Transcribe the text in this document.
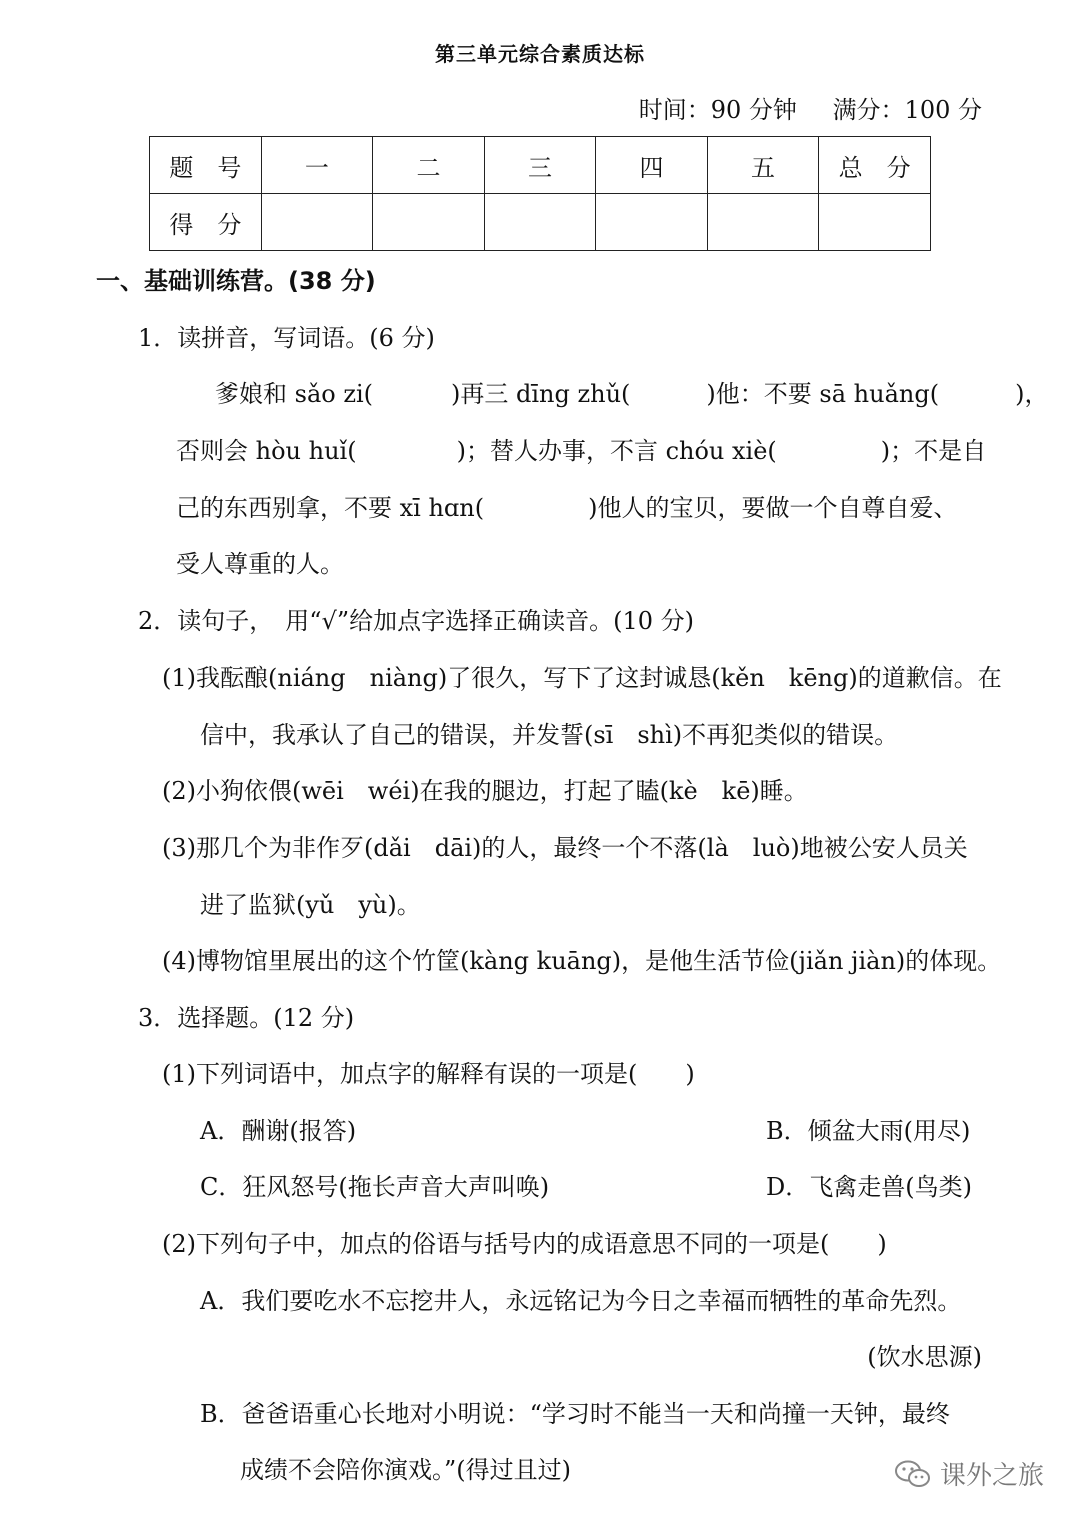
第三单元综合素质达标
时间：90 分钟 满分：100 分
题　号	一	二	三	四	五	总　分
得　分						
一、基础训练营。(38 分)
1．读拼音，写词语。(6 分)
爹娘和 sǎo zi(	)再三 dīng zhǔ(	)他：不要 sā huǎng(	)，
否则会 hòu huǐ(	)；替人办事，不言 chóu xiè(	)；不是自
己的东西别拿，不要 xī hɑn(	)他人的宝贝，要做一个自尊自爱、
受人尊重的人。
2．读句子，　用“√”给加点字选择正确读音。(10 分)
(1)我酝酿(niáng　niàng)了很久，写下了这封诚恳(kěn　kēng)的道歉信。在
信中，我承认了自己的错误，并发誓(sī　shì)不再犯类似的错误。
(2)小狗依偎(wēi　wéi)在我的腿边，打起了瞌(kè　kē)睡。
(3)那几个为非作歹(dǎi　dāi)的人，最终一个不落(là　luò)地被公安人员关
进了监狱(yǔ　yù)。
(4)博物馆里展出的这个竹筐(kàng kuāng)，是他生活节俭(jiǎn jiàn)的体现。
3．选择题。(12 分)
(1)下列词语中，加点字的解释有误的一项是(　　)
A．酬谢(报答)	B．倾盆大雨(用尽)
C．狂风怒号(拖长声音大声叫唤)	D．飞禽走兽(鸟类)
(2)下列句子中，加点的俗语与括号内的成语意思不同的一项是(　　)
A．我们要吃水不忘挖井人，永远铭记为今日之幸福而牺牲的革命先烈。
(饮水思源)
B．爸爸语重心长地对小明说：“学习时不能当一天和尚撞一天钟，最终
成绩不会陪你演戏。”(得过且过)	课外之旅
